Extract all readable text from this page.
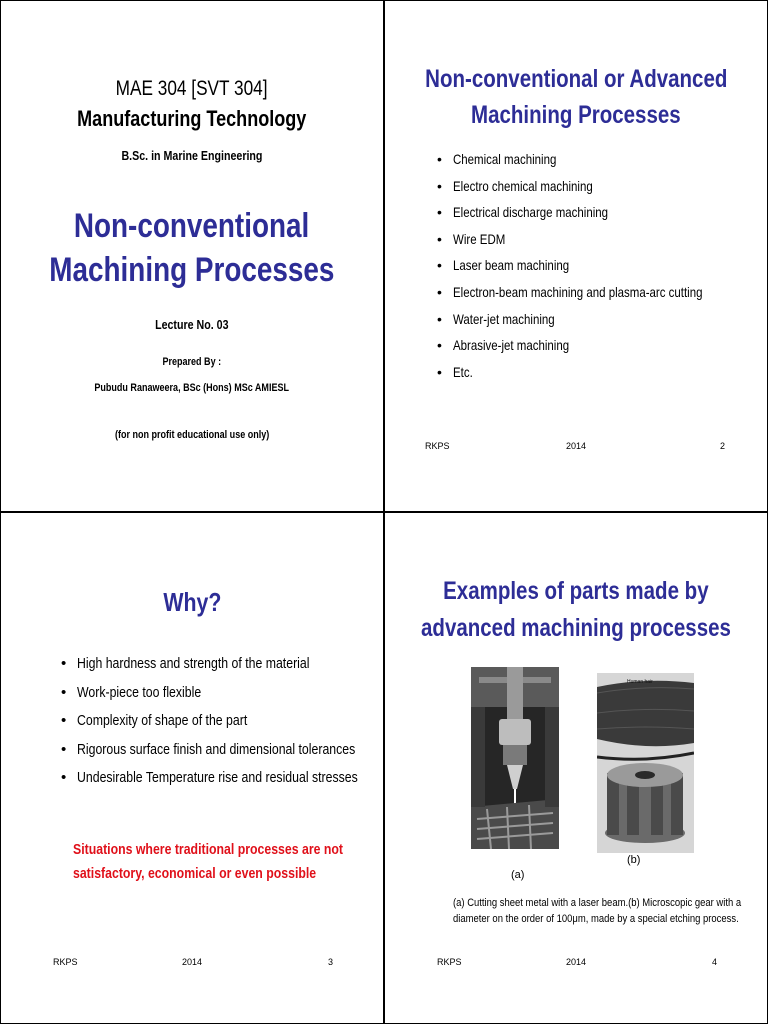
MAE 304 [SVT 304]
Manufacturing Technology
B.Sc. in Marine Engineering
Non-conventional
Machining Processes
Lecture No. 03
Prepared By :
Pubudu Ranaweera, BSc (Hons) MSc AMIESL
(for non profit educational use only)
Non-conventional or Advanced
Machining Processes
• Chemical machining
• Electro chemical machining
• Electrical discharge machining
• Wire EDM
• Laser beam machining
• Electron-beam machining and plasma-arc cutting
• Water-jet machining
• Abrasive-jet machining
• Etc.
RKPS	2014	2
Why?
• High hardness and strength of the material
• Work-piece too flexible
• Complexity of shape of the part
• Rigorous surface finish and dimensional tolerances
• Undesirable Temperature rise and residual stresses
Situations where traditional processes are not
satisfactory, economical or even possible
RKPS	2014	3
Examples of parts made by
advanced machining processes
Human hair
(a)
(b)
(a) Cutting sheet metal with a laser beam.(b) Microscopic gear with a
diameter on the order of 100μm, made by a special etching process.
RKPS	2014	4
